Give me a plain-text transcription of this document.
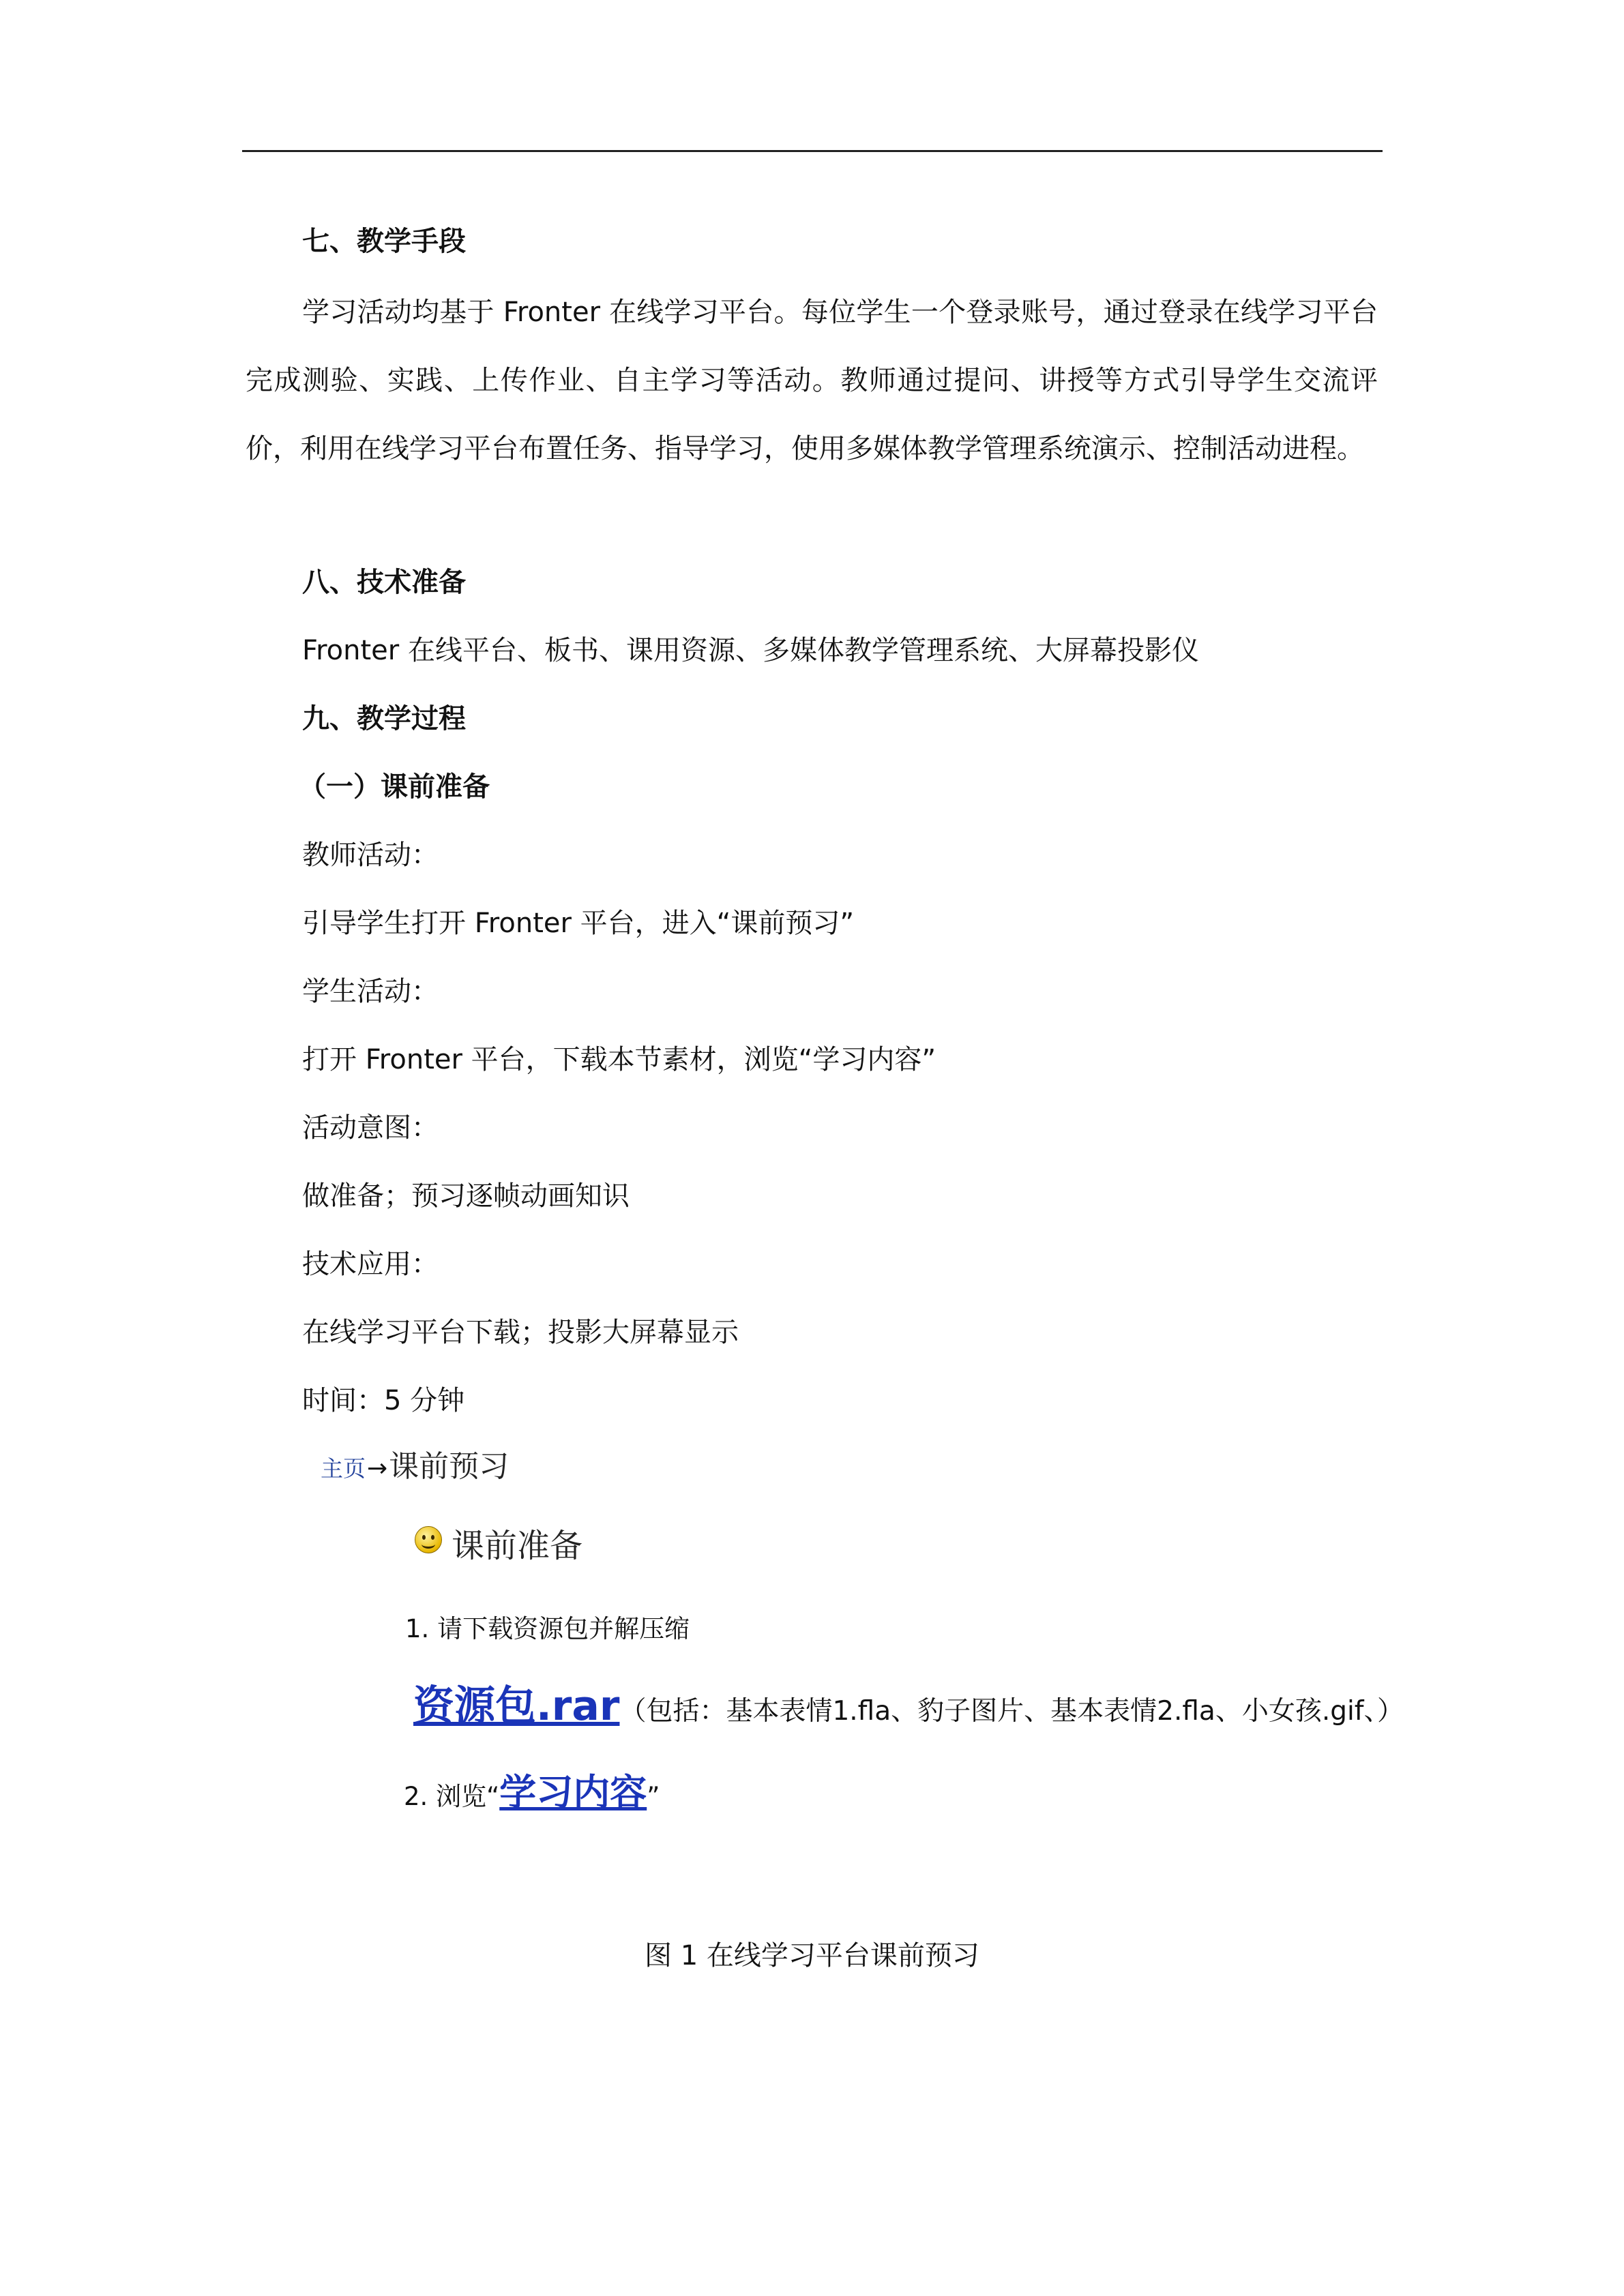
七、教学手段
学习活动均基于 Fronter 在线学习平台。每位学生一个登录账号，通过登录在线学习平台完成测验、实践、上传作业、自主学习等活动。教师通过提问、讲授等方式引导学生交流评价，利用在线学习平台布置任务、指导学习，使用多媒体教学管理系统演示、控制活动进程。
八、技术准备
Fronter 在线平台、板书、课用资源、多媒体教学管理系统、大屏幕投影仪
九、教学过程
（一）课前准备
教师活动：
引导学生打开 Fronter 平台，进入“课前预习”
学生活动：
打开 Fronter 平台，下载本节素材，浏览“学习内容”
活动意图：
做准备；预习逐帧动画知识
技术应用：
在线学习平台下载；投影大屏幕显示
时间：5 分钟
主页→课前预习
课前准备
1. 请下载资源包并解压缩
资源包.rar（包括：基本表情1.fla、豹子图片、基本表情2.fla、小女孩.gif、）
2. 浏览“学习内容”
图 1 在线学习平台课前预习
